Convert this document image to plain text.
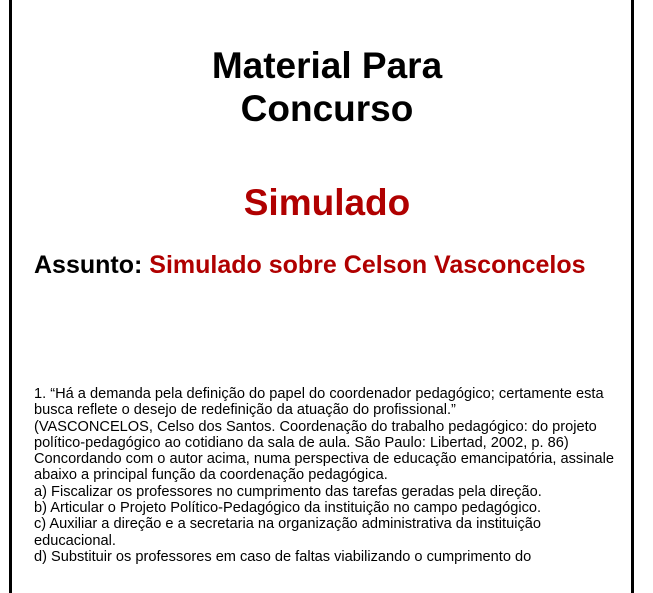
Material Para
Concurso
Simulado
Assunto: Simulado sobre Celson Vasconcelos

1. “Há a demanda pela definição do papel do coordenador pedagógico; certamente esta busca reflete o desejo de redefinição da atuação do profissional.”

(VASCONCELOS, Celso dos Santos. Coordenação do trabalho pedagógico: do projeto político-pedagógico ao cotidiano da sala de aula. São Paulo: Libertad, 2002, p. 86)

Concordando com o autor acima, numa perspectiva de educação emancipatória, assinale abaixo a principal função da coordenação pedagógica.

a) Fiscalizar os professores no cumprimento das tarefas geradas pela direção.

b) Articular o Projeto Político-Pedagógico da instituição no campo pedagógico.

c) Auxiliar a direção e a secretaria na organização administrativa da instituição educacional.

d) Substituir os professores em caso de faltas viabilizando o cumprimento do
